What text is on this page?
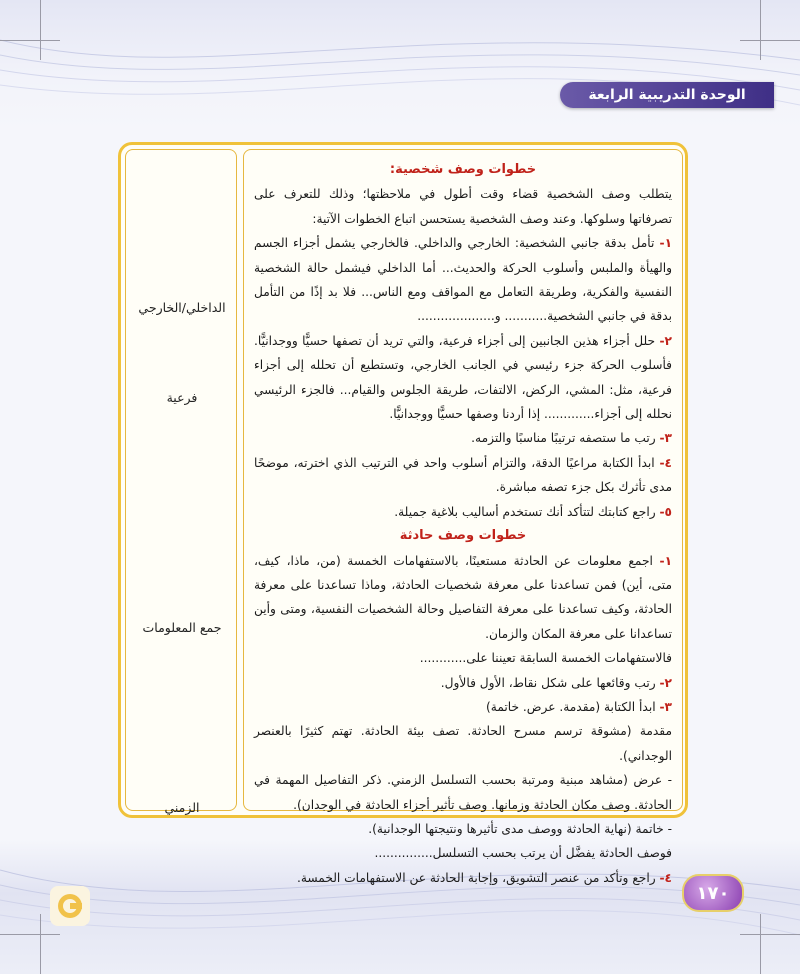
الوحدة التدريبية الرابعة
الداخلي/الخارجي
فرعية
جمع المعلومات
الزمني
خطوات وصف شخصية:

يتطلب وصف الشخصية قضاء وقت أطول في ملاحظتها؛ وذلك للتعرف على تصرفاتها وسلوكها. وعند وصف الشخصية يستحسن اتباع الخطوات الآتية:

١- تأمل بدقة جانبي الشخصية: الخارجي والداخلي. فالخارجي يشمل أجزاء الجسم والهيأة والملبس وأسلوب الحركة والحديث... أما الداخلي فيشمل حالة الشخصية النفسية والفكرية، وطريقة التعامل مع المواقف ومع الناس... فلا بد إذًا من التأمل بدقة في جانبي الشخصية........... و....................

٢- حلل أجزاء هذين الجانبين إلى أجزاء فرعية، والتي تريد أن تصفها حسيًّا ووجدانيًّا. فأسلوب الحركة جزء رئيسي في الجانب الخارجي، وتستطيع أن تحلله إلى أجزاء فرعية، مثل: المشي، الركض، الالتفات، طريقة الجلوس والقيام... فالجزء الرئيسي نحلله إلى أجزاء............. إذا أردنا وصفها حسيًّا ووجدانيًّا.

٣- رتب ما ستصفه ترتيبًا مناسبًا والتزمه.

٤- ابدأ الكتابة مراعيًا الدقة، والتزام أسلوب واحد في الترتيب الذي اخترته، موضحًا مدى تأثرك بكل جزء تصفه مباشرة.

٥- راجع كتابتك لتتأكد أنك تستخدم أساليب بلاغية جميلة.

خطوات وصف حادثة

١- اجمع معلومات عن الحادثة مستعينًا، بالاستفهامات الخمسة (من، ماذا، كيف، متى، أين) فمن تساعدنا على معرفة شخصيات الحادثة، وماذا تساعدنا على معرفة الحادثة، وكيف تساعدنا على معرفة التفاصيل وحالة الشخصيات النفسية، ومتى وأين تساعدانا على معرفة المكان والزمان.

فالاستفهامات الخمسة السابقة تعيننا على............

٢- رتب وقائعها على شكل نقاط، الأول فالأول.

٣- ابدأ الكتابة (مقدمة. عرض. خاتمة)

مقدمة (مشوقة ترسم مسرح الحادثة. تصف بيئة الحادثة. تهتم كثيرًا بالعنصر الوجداني).

- عرض (مشاهد مبنية ومرتبة بحسب التسلسل الزمني. ذكر التفاصيل المهمة في الحادثة. وصف مكان الحادثة وزمانها. وصف تأثير أجزاء الحادثة في الوجدان).

- خاتمة (نهاية الحادثة ووصف مدى تأثيرها ونتيجتها الوجدانية).

فوصف الحادثة يفضَّل أن يرتب بحسب التسلسل...............

٤- راجع وتأكد من عنصر التشويق، وإجابة الحادثة عن الاستفهامات الخمسة.

١٧٠
